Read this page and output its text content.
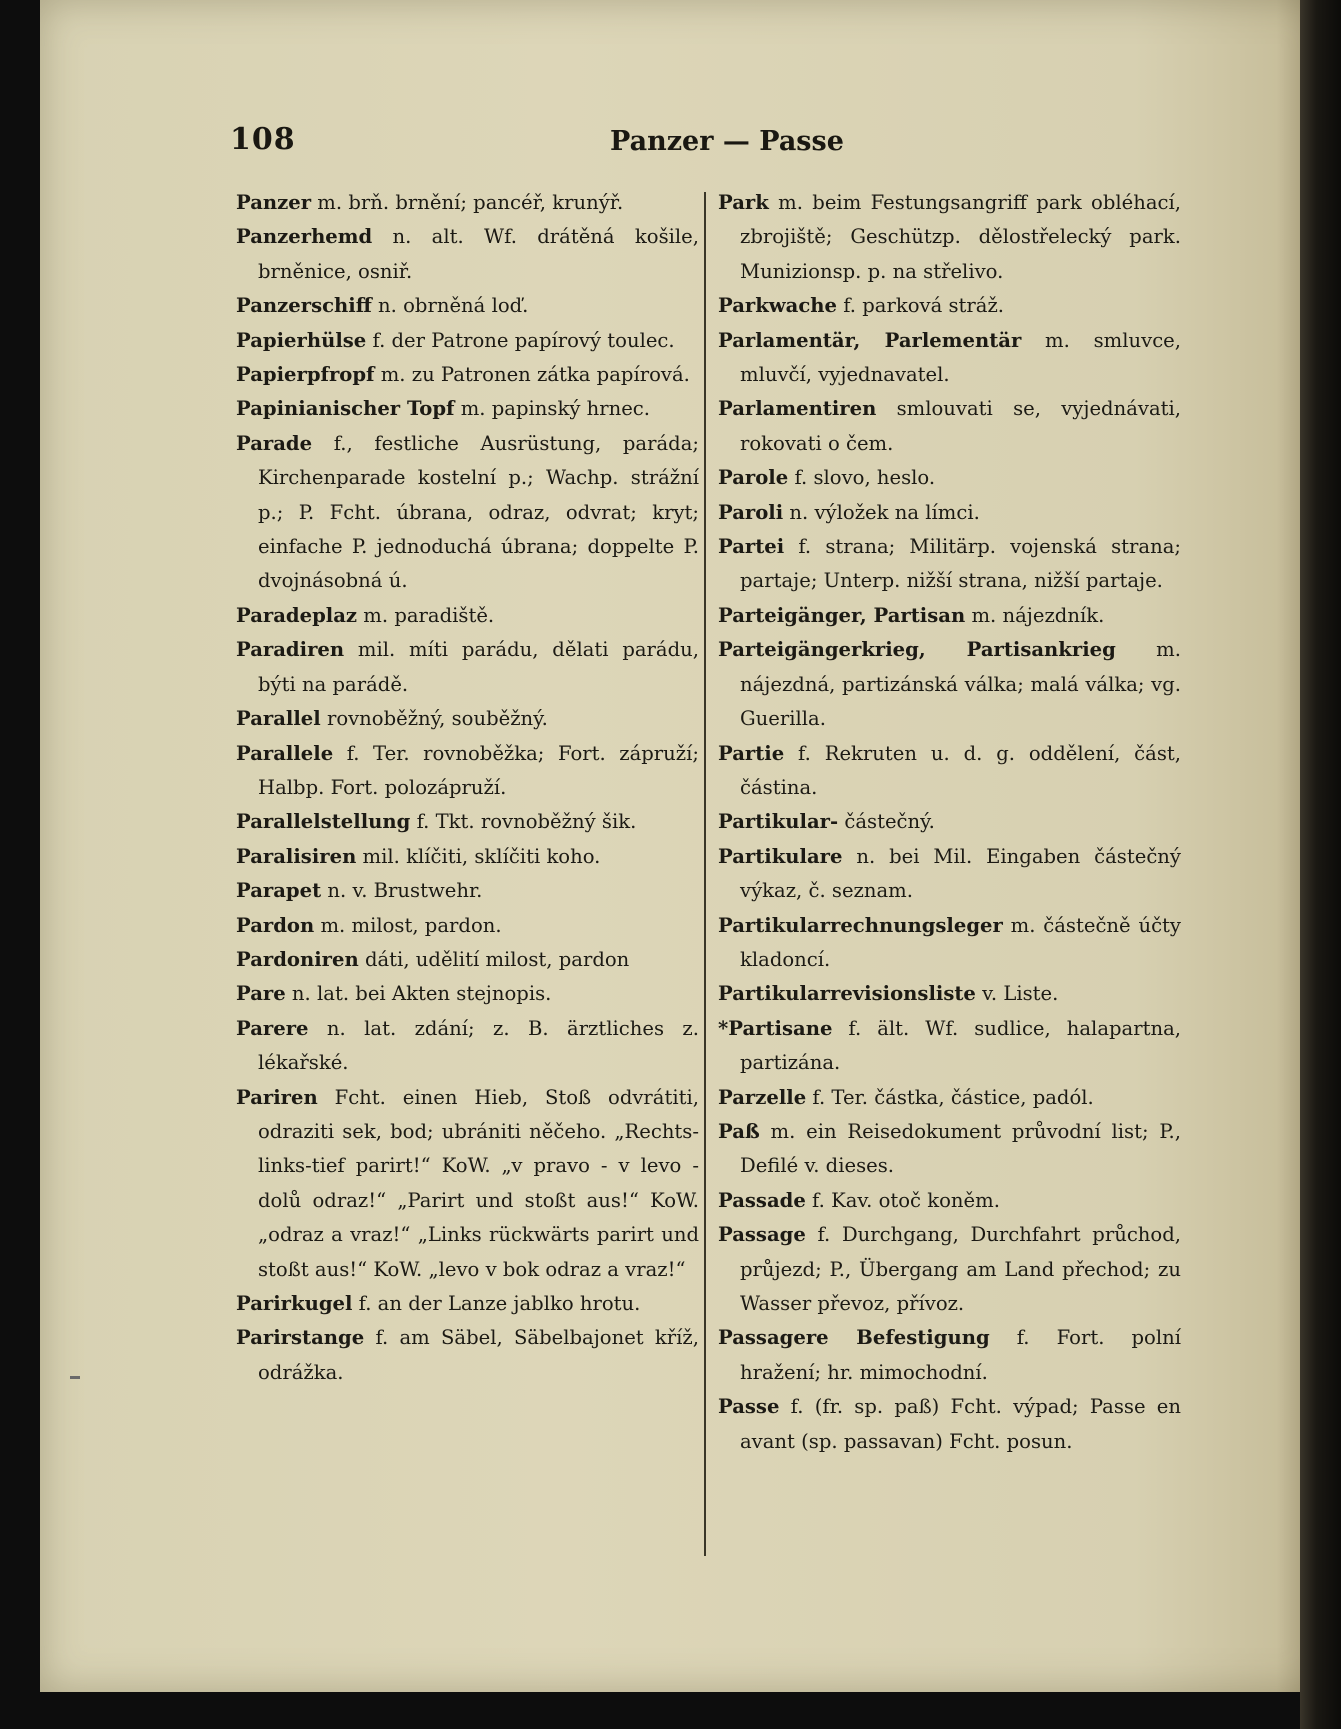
108	Panzer — Passe

Panzer m. brň. brnění; pancéř, krunýř.

Panzerhemd n. alt. Wf. drátěná košile, brněnice, osniř.

Panzerschiff n. obrněná loď.

Papierhülse f. der Patrone papírový toulec.

Papierpfropf m. zu Patronen zátka papírová.

Papinianischer Topf m. papinský hrnec.

Parade f., festliche Ausrüstung, paráda; Kirchenparade kostelní p.; Wachp. strážní p.; P. Fcht. úbrana, odraz, odvrat; kryt; einfache P. jednoduchá úbrana; doppelte P. dvojnásobná ú.

Paradeplaz m. paradiště.

Paradiren mil. míti parádu, dělati parádu, býti na parádě.

Parallel rovnoběžný, souběžný.

Parallele f. Ter. rovnoběžka; Fort. zápruží; Halbp. Fort. polozápruží.

Parallelstellung f. Tkt. rovnoběžný šik.

Paralisiren mil. klíčiti, sklíčiti koho.

Parapet n. v. Brustwehr.

Pardon m. milost, pardon.

Pardoniren dáti, udělití milost, pardon

Pare n. lat. bei Akten stejnopis.

Parere n. lat. zdání; z. B. ärztliches z. lékařské.

Pariren Fcht. einen Hieb, Stoß odvrátiti, odraziti sek, bod; ubrániti něčeho. „Rechts-links-tief parirt!“ KoW. „v pravo - v levo - dolů odraz!“ „Parirt und stoßt aus!“ KoW. „odraz a vraz!“ „Links rückwärts parirt und stoßt aus!“ KoW. „levo v bok odraz a vraz!“

Parirkugel f. an der Lanze jablko hrotu.

Parirstange f. am Säbel, Säbelbajonet kříž, odrážka.

Park m. beim Festungsangriff park obléhací, zbrojiště; Geschützp. dělostřelecký park. Munizionsp. p. na střelivo.

Parkwache f. parková stráž.

Parlamentär, Parlementär m. smluvce, mluvčí, vyjednavatel.

Parlamentiren smlouvati se, vyjednávati, rokovati o čem.

Parole f. slovo, heslo.

Paroli n. výložek na límci.

Partei f. strana; Militärp. vojenská strana; partaje; Unterp. nižší strana, nižší partaje.

Parteigänger, Partisan m. nájezdník.

Parteigängerkrieg, Partisankrieg m. nájezdná, partizánská válka; malá válka; vg. Guerilla.

Partie f. Rekruten u. d. g. oddělení, část, částina.

Partikular- částečný.

Partikulare n. bei Mil. Eingaben částečný výkaz, č. seznam.

Partikularrechnungsleger m. částečně účty kladoncí.

Partikularrevisionsliste v. Liste.

*Partisane f. ält. Wf. sudlice, halapartna, partizána.

Parzelle f. Ter. částka, částice, padól.

Paß m. ein Reisedokument průvodní list; P., Defilé v. dieses.

Passade f. Kav. otoč koněm.

Passage f. Durchgang, Durchfahrt průchod, průjezd; P., Übergang am Land přechod; zu Wasser převoz, přívoz.

Passagere Befestigung f. Fort. polní hražení; hr. mimochodní.

Passe f. (fr. sp. paß) Fcht. výpad; Passe en avant (sp. passavan) Fcht. posun.
